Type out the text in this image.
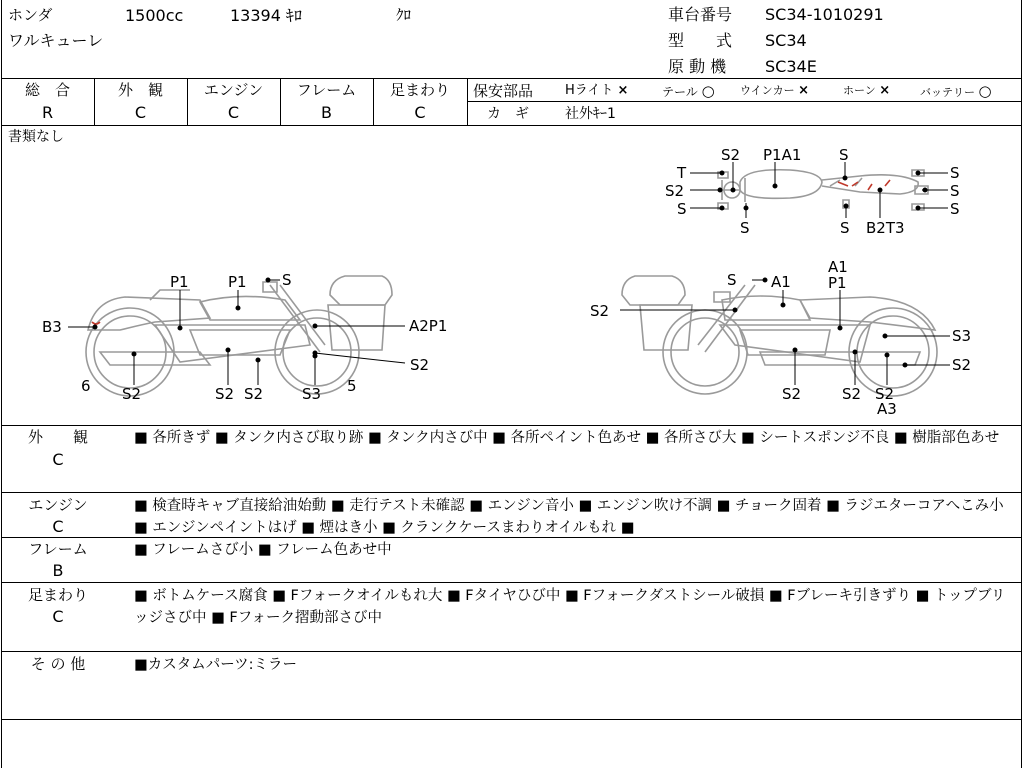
ホンダ	1500cc	13394 ｷﾛ	ｸﾛ
ワルキューレ
車台番号 SC34-1010291
型　　式 SC34
原 動 機 SC34E
総　合
R
外　観
C
エンジン
C
フレーム
B
足まわり
C
保安部品 Hライト ×	テール ○ ウインカー ×	ホーン ×	バッテリー ○
カ　ギ	社外ｷｰ1
書類なし
S2 P1A1	S
T
S2
S
S
S
S
S
S B2T3
P1	P1 S
B3	A2P1
S2
6 S2	S2 S2	S3 5
S A1
A1
P1
S2
S3
S2
S2	S2 S2
A3
外　　観
C
■ 各所きず ■ タンク内さび取り跡 ■ タンク内さび中 ■ 各所ペイント色あせ ■ 各所さび大 ■ シートスポンジ不良 ■ 樹脂部色あせ
エンジン
C
■ 検査時キャブ直接給油始動 ■ 走行テスト未確認 ■ エンジン音小 ■ エンジン吹け不調 ■ チョーク固着 ■ ラジエターコアへこみ小 ■ エンジンペイントはげ ■ 煙はき小 ■ クランクケースまわりオイルもれ ■
フレーム
B
■ フレームさび小 ■ フレーム色あせ中
足まわり
C
■ ボトムケース腐食 ■ Fフォークオイルもれ大 ■ Fタイヤひび中 ■ Fフォークダストシール破損 ■ Fブレーキ引きずり ■ トップブリッジさび中 ■ Fフォーク摺動部さび中
そ の 他	■カスタムパーツ:ミラー
